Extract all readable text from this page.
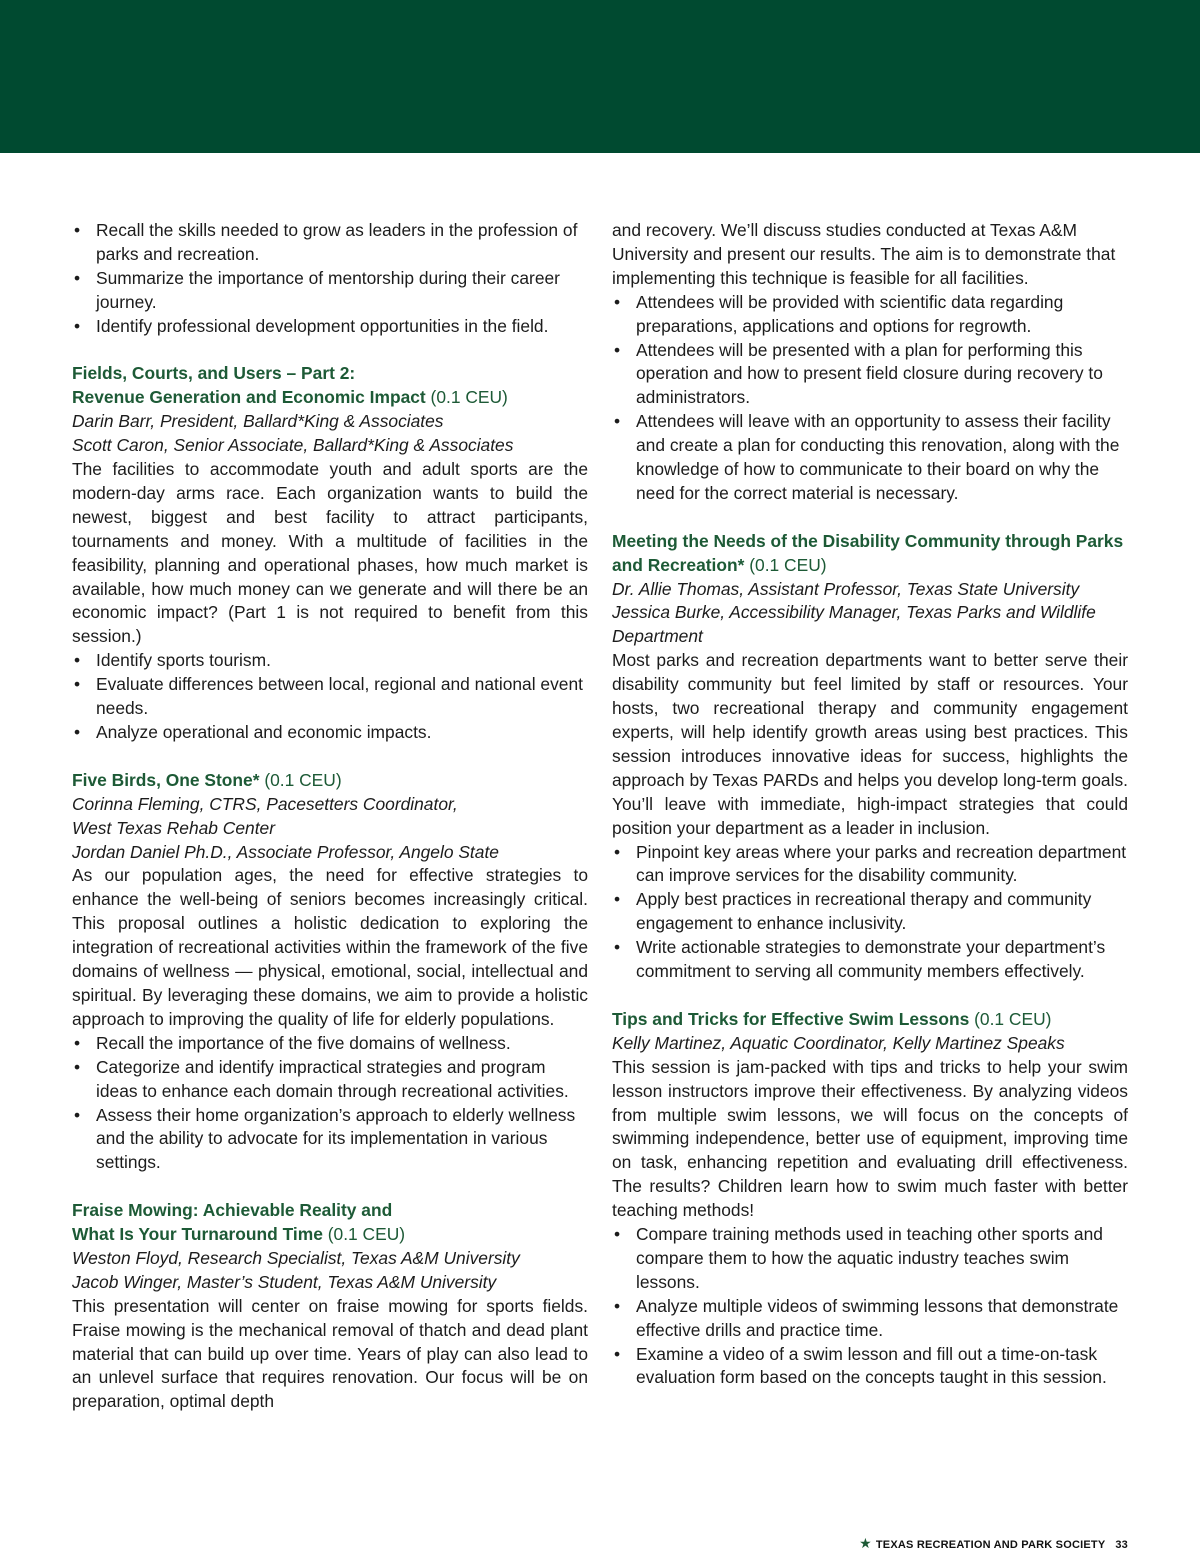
• Recall the skills needed to grow as leaders in the profession of parks and recreation.
• Summarize the importance of mentorship during their career journey.
• Identify professional development opportunities in the field.

Fields, Courts, and Users – Part 2:
Revenue Generation and Economic Impact (0.1 CEU)

Darin Barr, President, Ballard*King & Associates

Scott Caron, Senior Associate, Ballard*King & Associates

The facilities to accommodate youth and adult sports are the modern-day arms race. Each organization wants to build the newest, biggest and best facility to attract participants, tournaments and money. With a multitude of facilities in the feasibility, planning and operational phases, how much market is available, how much money can we generate and will there be an economic impact? (Part 1 is not required to benefit from this session.)

• Identify sports tourism.
• Evaluate differences between local, regional and national event needs.
• Analyze operational and economic impacts.

Five Birds, One Stone* (0.1 CEU)

Corinna Fleming, CTRS, Pacesetters Coordinator,

West Texas Rehab Center

Jordan Daniel Ph.D., Associate Professor, Angelo State

As our population ages, the need for effective strategies to enhance the well-being of seniors becomes increasingly critical. This proposal outlines a holistic dedication to exploring the integration of recreational activities within the framework of the five domains of wellness — physical, emotional, social, intellectual and spiritual. By leveraging these domains, we aim to provide a holistic approach to improving the quality of life for elderly populations.

• Recall the importance of the five domains of wellness.
• Categorize and identify impractical strategies and program ideas to enhance each domain through recreational activities.
• Assess their home organization’s approach to elderly wellness and the ability to advocate for its implementation in various settings.

Fraise Mowing: Achievable Reality and
What Is Your Turnaround Time (0.1 CEU)

Weston Floyd, Research Specialist, Texas A&M University

Jacob Winger, Master’s Student, Texas A&M University

This presentation will center on fraise mowing for sports fields. Fraise mowing is the mechanical removal of thatch and dead plant material that can build up over time. Years of play can also lead to an unlevel surface that requires renovation. Our focus will be on preparation, optimal depth

and recovery. We’ll discuss studies conducted at Texas A&M University and present our results. The aim is to demonstrate that implementing this technique is feasible for all facilities.

• Attendees will be provided with scientific data regarding preparations, applications and options for regrowth.
• Attendees will be presented with a plan for performing this operation and how to present field closure during recovery to administrators.
• Attendees will leave with an opportunity to assess their facility and create a plan for conducting this renovation, along with the knowledge of how to communicate to their board on why the need for the correct material is necessary.

Meeting the Needs of the Disability Community through Parks and Recreation* (0.1 CEU)

Dr. Allie Thomas, Assistant Professor, Texas State University

Jessica Burke, Accessibility Manager, Texas Parks and Wildlife Department

Most parks and recreation departments want to better serve their disability community but feel limited by staff or resources. Your hosts, two recreational therapy and community engagement experts, will help identify growth areas using best practices. This session introduces innovative ideas for success, highlights the approach by Texas PARDs and helps you develop long-term goals. You’ll leave with immediate, high-impact strategies that could position your department as a leader in inclusion.

• Pinpoint key areas where your parks and recreation department can improve services for the disability community.
• Apply best practices in recreational therapy and community engagement to enhance inclusivity.
• Write actionable strategies to demonstrate your department’s commitment to serving all community members effectively.

Tips and Tricks for Effective Swim Lessons (0.1 CEU)

Kelly Martinez, Aquatic Coordinator, Kelly Martinez Speaks

This session is jam-packed with tips and tricks to help your swim lesson instructors improve their effectiveness. By analyzing videos from multiple swim lessons, we will focus on the concepts of swimming independence, better use of equipment, improving time on task, enhancing repetition and evaluating drill effectiveness. The results? Children learn how to swim much faster with better teaching methods!

• Compare training methods used in teaching other sports and compare them to how the aquatic industry teaches swim lessons.
• Analyze multiple videos of swimming lessons that demonstrate effective drills and practice time.
• Examine a video of a swim lesson and fill out a time-on-task evaluation form based on the concepts taught in this session.
★ TEXAS RECREATION AND PARK SOCIETY 33
